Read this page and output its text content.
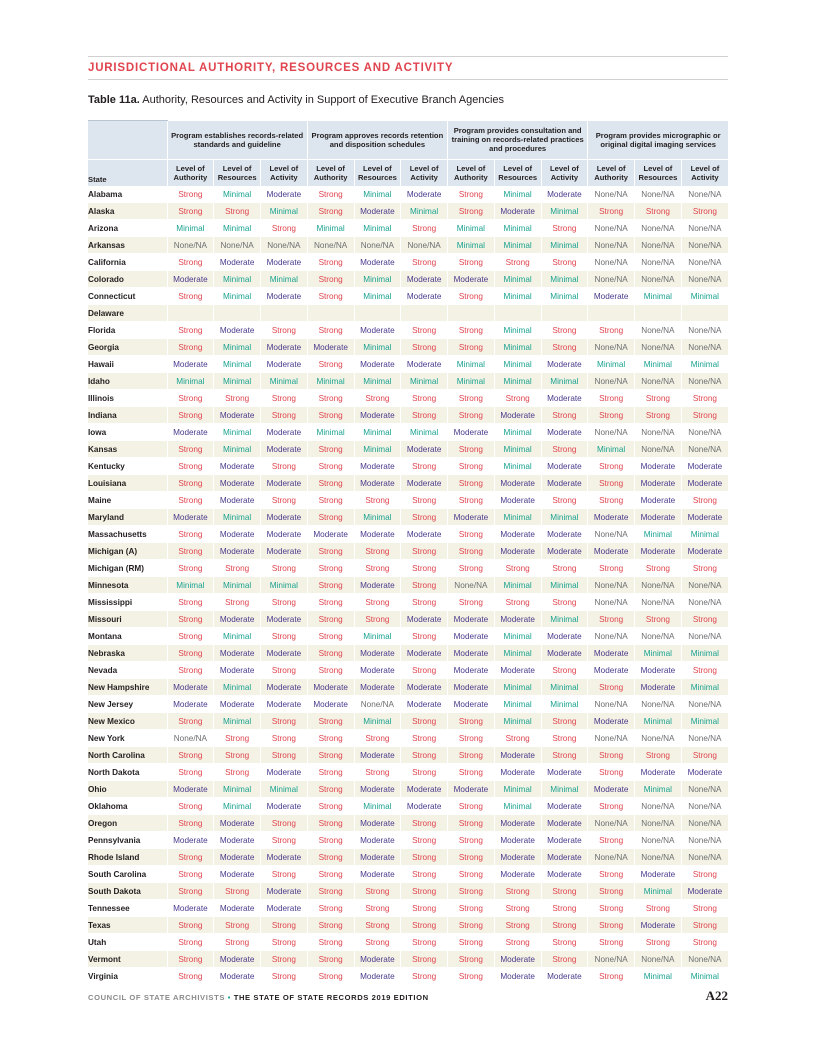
JURISDICTIONAL AUTHORITY, RESOURCES AND ACTIVITY
Table 11a. Authority, Resources and Activity in Support of Executive Branch Agencies
	Program establishes records-related standards and guideline			Program approves records retention and disposition schedules			Program provides consultation and training on records-related practices and procedures			Program provides micrographic or original digital imaging services		
State	Level of Authority	Level of Resources	Level of Activity	Level of Authority	Level of Resources	Level of Activity	Level of Authority	Level of Resources	Level of Activity	Level of Authority	Level of Resources	Level of Activity
Alabama	Strong	Minimal	Moderate	Strong	Minimal	Moderate	Strong	Minimal	Moderate	None/NA	None/NA	None/NA
Alaska	Strong	Strong	Minimal	Strong	Moderate	Minimal	Strong	Moderate	Minimal	Strong	Strong	Strong
Arizona	Minimal	Minimal	Strong	Minimal	Minimal	Strong	Minimal	Minimal	Strong	None/NA	None/NA	None/NA
Arkansas	None/NA	None/NA	None/NA	None/NA	None/NA	None/NA	Minimal	Minimal	Minimal	None/NA	None/NA	None/NA
California	Strong	Moderate	Moderate	Strong	Moderate	Strong	Strong	Strong	Strong	None/NA	None/NA	None/NA
Colorado	Moderate	Minimal	Minimal	Strong	Minimal	Moderate	Moderate	Minimal	Minimal	None/NA	None/NA	None/NA
Connecticut	Strong	Minimal	Moderate	Strong	Minimal	Moderate	Strong	Minimal	Minimal	Moderate	Minimal	Minimal
Delaware												
Florida	Strong	Moderate	Strong	Strong	Moderate	Strong	Strong	Minimal	Strong	Strong	None/NA	None/NA
Georgia	Strong	Minimal	Moderate	Moderate	Minimal	Strong	Strong	Minimal	Strong	None/NA	None/NA	None/NA
Hawaii	Moderate	Minimal	Moderate	Strong	Moderate	Moderate	Minimal	Minimal	Moderate	Minimal	Minimal	Minimal
Idaho	Minimal	Minimal	Minimal	Minimal	Minimal	Minimal	Minimal	Minimal	Minimal	None/NA	None/NA	None/NA
Illinois	Strong	Strong	Strong	Strong	Strong	Strong	Strong	Strong	Moderate	Strong	Strong	Strong
Indiana	Strong	Moderate	Strong	Strong	Moderate	Strong	Strong	Moderate	Strong	Strong	Strong	Strong
Iowa	Moderate	Minimal	Moderate	Minimal	Minimal	Minimal	Moderate	Minimal	Moderate	None/NA	None/NA	None/NA
Kansas	Strong	Minimal	Moderate	Strong	Minimal	Moderate	Strong	Minimal	Strong	Minimal	None/NA	None/NA
Kentucky	Strong	Moderate	Strong	Strong	Moderate	Strong	Strong	Minimal	Moderate	Strong	Moderate	Moderate
Louisiana	Strong	Moderate	Moderate	Strong	Moderate	Moderate	Strong	Moderate	Moderate	Strong	Moderate	Moderate
Maine	Strong	Moderate	Strong	Strong	Strong	Strong	Strong	Moderate	Strong	Strong	Moderate	Strong
Maryland	Moderate	Minimal	Moderate	Strong	Minimal	Strong	Moderate	Minimal	Minimal	Moderate	Moderate	Moderate
Massachusetts	Strong	Moderate	Moderate	Moderate	Moderate	Moderate	Strong	Moderate	Moderate	None/NA	Minimal	Minimal
Michigan (A)	Strong	Moderate	Moderate	Strong	Strong	Strong	Strong	Moderate	Moderate	Moderate	Moderate	Moderate
Michigan (RM)	Strong	Strong	Strong	Strong	Strong	Strong	Strong	Strong	Strong	Strong	Strong	Strong
Minnesota	Minimal	Minimal	Minimal	Strong	Moderate	Strong	None/NA	Minimal	Minimal	None/NA	None/NA	None/NA
Mississippi	Strong	Strong	Strong	Strong	Strong	Strong	Strong	Strong	Strong	None/NA	None/NA	None/NA
Missouri	Strong	Moderate	Moderate	Strong	Strong	Moderate	Moderate	Moderate	Minimal	Strong	Strong	Strong
Montana	Strong	Minimal	Strong	Strong	Minimal	Strong	Moderate	Minimal	Moderate	None/NA	None/NA	None/NA
Nebraska	Strong	Moderate	Moderate	Strong	Moderate	Moderate	Moderate	Minimal	Moderate	Moderate	Minimal	Minimal
Nevada	Strong	Moderate	Strong	Strong	Moderate	Strong	Moderate	Moderate	Strong	Moderate	Moderate	Strong
New Hampshire	Moderate	Minimal	Moderate	Moderate	Moderate	Moderate	Moderate	Minimal	Minimal	Strong	Moderate	Minimal
New Jersey	Moderate	Moderate	Moderate	Moderate	None/NA	Moderate	Moderate	Minimal	Minimal	None/NA	None/NA	None/NA
New Mexico	Strong	Minimal	Strong	Strong	Minimal	Strong	Strong	Minimal	Strong	Moderate	Minimal	Minimal
New York	None/NA	Strong	Strong	Strong	Strong	Strong	Strong	Strong	Strong	None/NA	None/NA	None/NA
North Carolina	Strong	Strong	Strong	Strong	Moderate	Strong	Strong	Moderate	Strong	Strong	Strong	Strong
North Dakota	Strong	Strong	Moderate	Strong	Strong	Strong	Strong	Moderate	Moderate	Strong	Moderate	Moderate
Ohio	Moderate	Minimal	Minimal	Strong	Moderate	Moderate	Moderate	Minimal	Minimal	Moderate	Minimal	None/NA
Oklahoma	Strong	Minimal	Moderate	Strong	Minimal	Moderate	Strong	Minimal	Moderate	Strong	None/NA	None/NA
Oregon	Strong	Moderate	Strong	Strong	Moderate	Strong	Strong	Moderate	Moderate	None/NA	None/NA	None/NA
Pennsylvania	Moderate	Moderate	Strong	Strong	Moderate	Strong	Strong	Moderate	Moderate	Strong	None/NA	None/NA
Rhode Island	Strong	Moderate	Moderate	Strong	Moderate	Strong	Strong	Moderate	Moderate	None/NA	None/NA	None/NA
South Carolina	Strong	Moderate	Strong	Strong	Moderate	Strong	Strong	Moderate	Moderate	Strong	Moderate	Strong
South Dakota	Strong	Strong	Moderate	Strong	Strong	Strong	Strong	Strong	Strong	Strong	Minimal	Moderate
Tennessee	Moderate	Moderate	Moderate	Strong	Strong	Strong	Strong	Strong	Strong	Strong	Strong	Strong
Texas	Strong	Strong	Strong	Strong	Strong	Strong	Strong	Strong	Strong	Strong	Moderate	Strong
Utah	Strong	Strong	Strong	Strong	Strong	Strong	Strong	Strong	Strong	Strong	Strong	Strong
Vermont	Strong	Moderate	Strong	Strong	Moderate	Strong	Strong	Moderate	Strong	None/NA	None/NA	None/NA
Virginia	Strong	Moderate	Strong	Strong	Moderate	Strong	Strong	Moderate	Moderate	Strong	Minimal	Minimal
COUNCIL OF STATE ARCHIVISTS • THE STATE OF STATE RECORDS 2019 EDITION	A22
